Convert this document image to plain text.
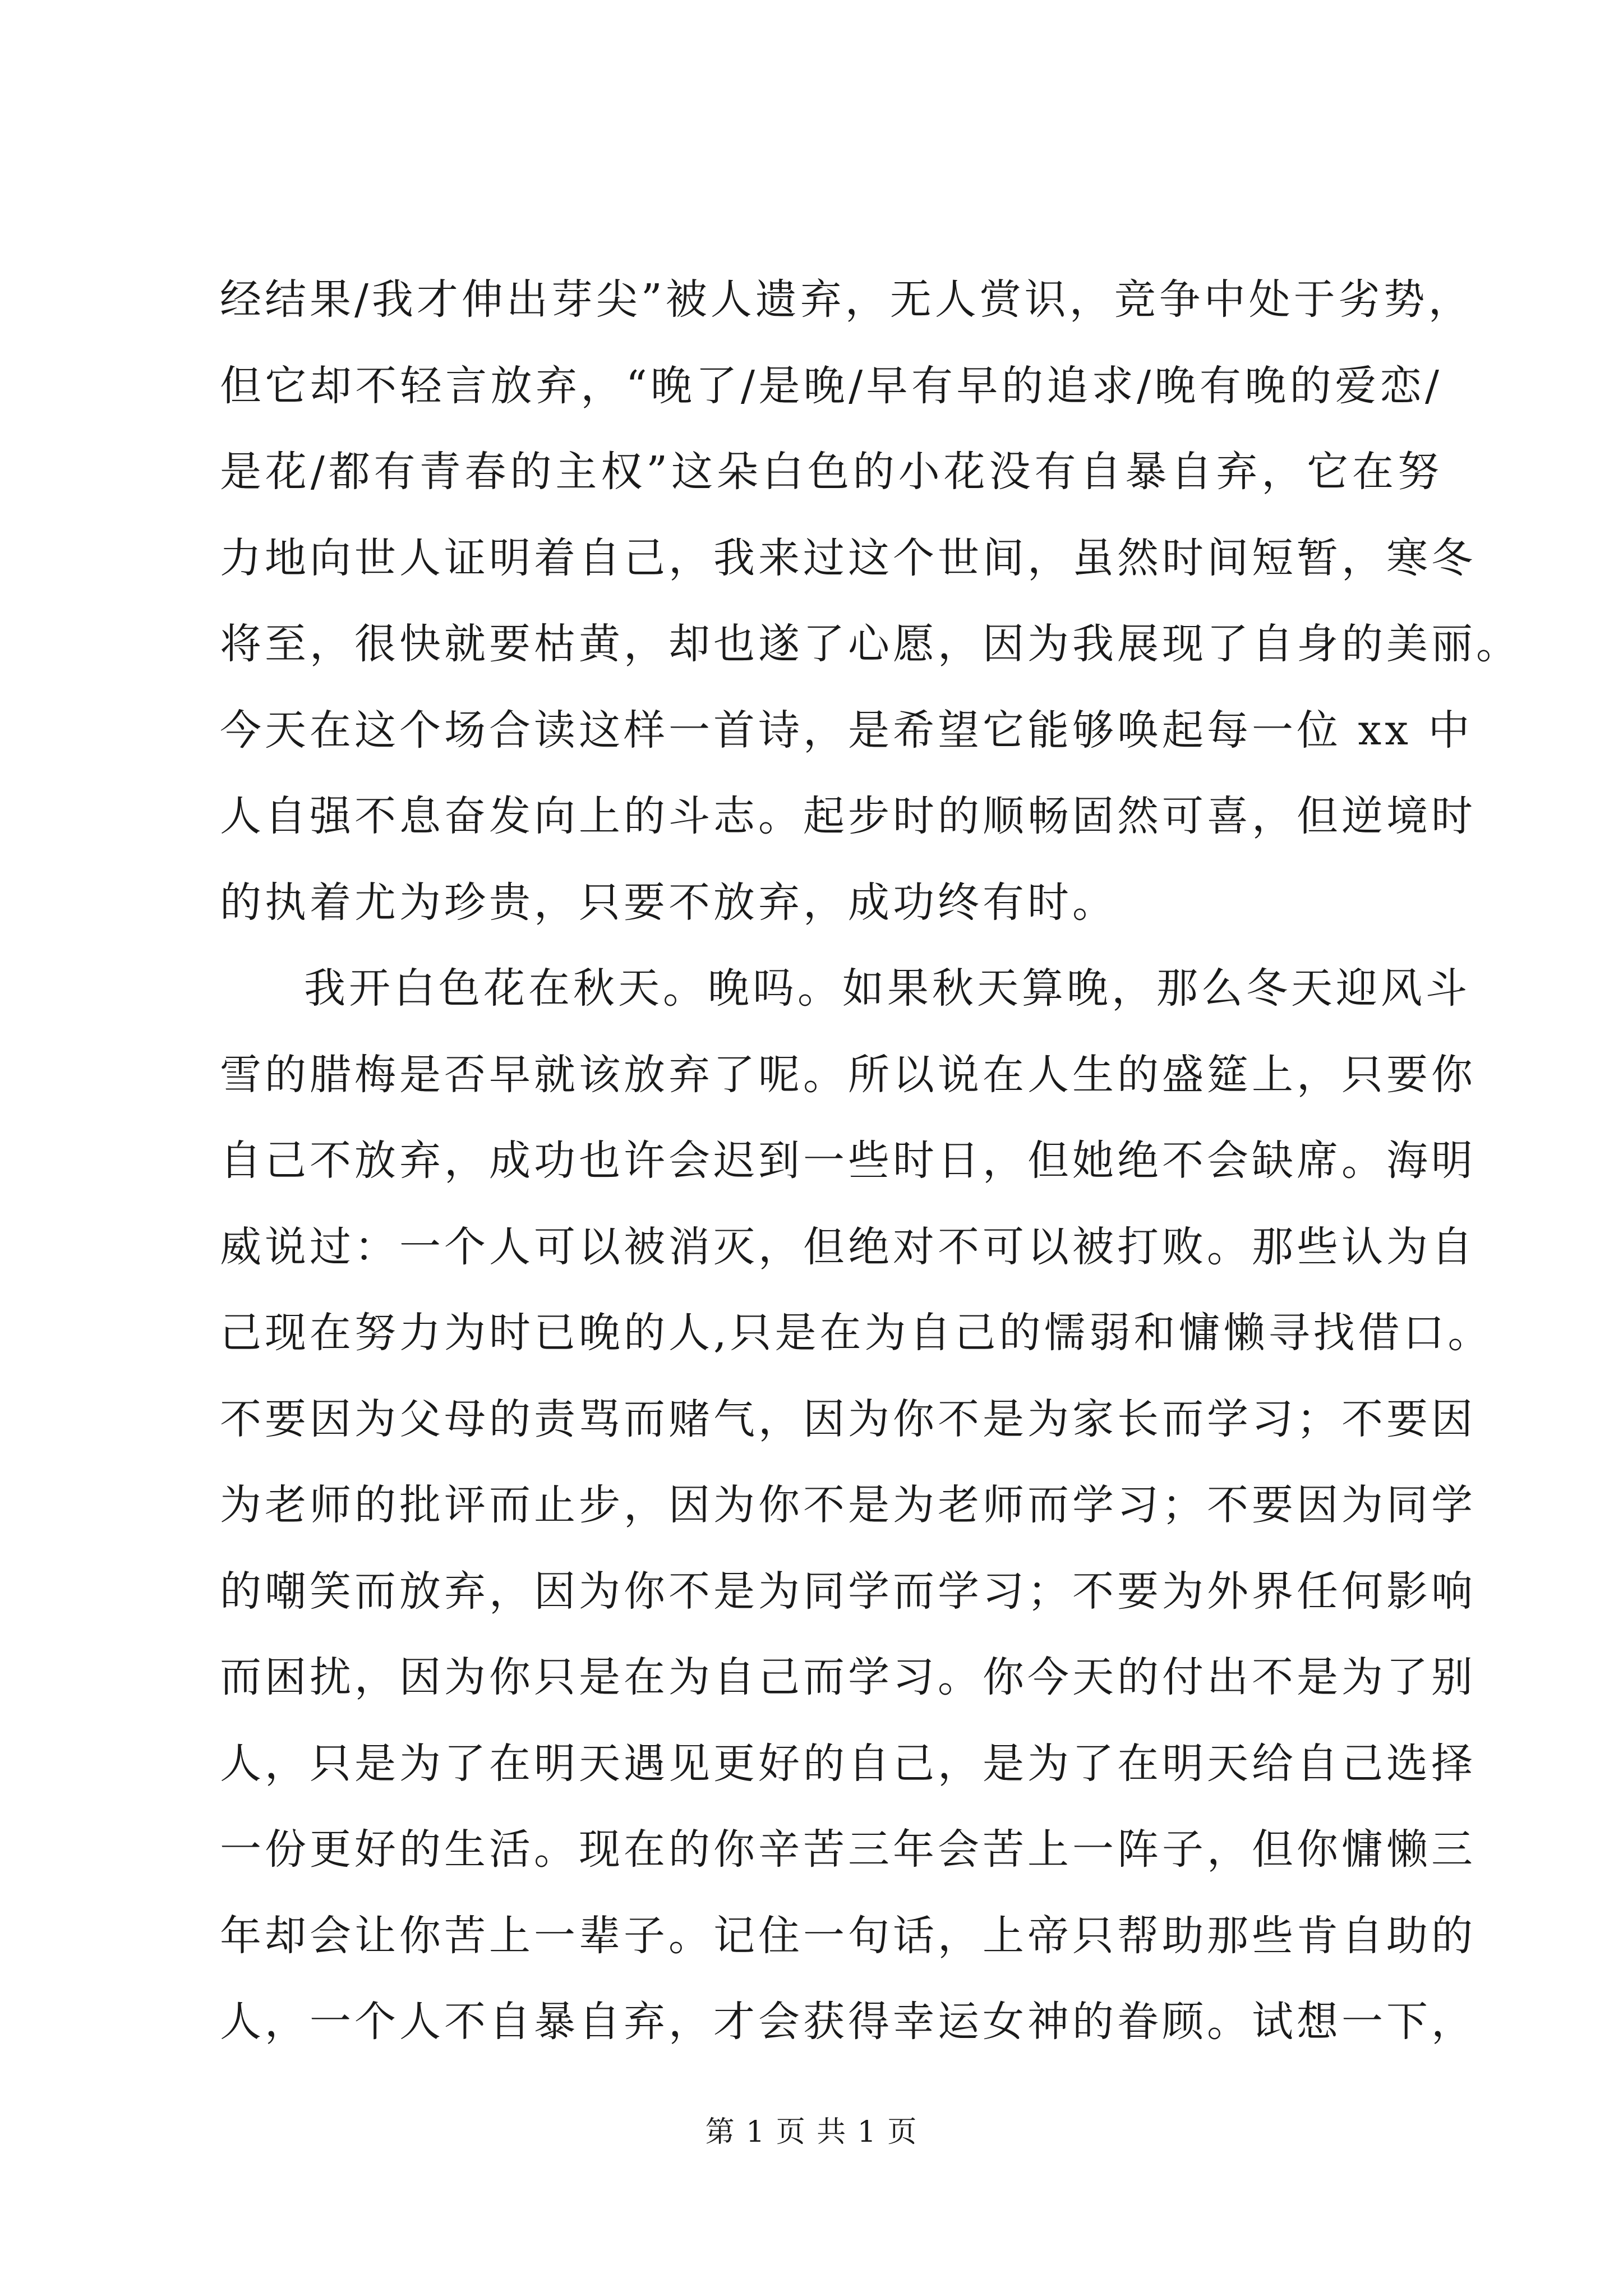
经结果/我才伸出芽尖”被人遗弃，无人赏识，竞争中处于劣势，
但它却不轻言放弃，“晚了/是晚/早有早的追求/晚有晚的爱恋/
是花/都有青春的主权”这朵白色的小花没有自暴自弃，它在努
力地向世人证明着自己，我来过这个世间，虽然时间短暂，寒冬
将至，很快就要枯黄，却也遂了心愿，因为我展现了自身的美丽。
今天在这个场合读这样一首诗，是希望它能够唤起每一位 xx 中
人自强不息奋发向上的斗志。起步时的顺畅固然可喜，但逆境时
的执着尤为珍贵，只要不放弃，成功终有时。
我开白色花在秋天。晚吗。如果秋天算晚，那么冬天迎风斗
雪的腊梅是否早就该放弃了呢。所以说在人生的盛筵上，只要你
自己不放弃，成功也许会迟到一些时日，但她绝不会缺席。海明
威说过：一个人可以被消灭，但绝对不可以被打败。那些认为自
己现在努力为时已晚的人,只是在为自己的懦弱和慵懒寻找借口。
不要因为父母的责骂而赌气，因为你不是为家长而学习；不要因
为老师的批评而止步，因为你不是为老师而学习；不要因为同学
的嘲笑而放弃，因为你不是为同学而学习；不要为外界任何影响
而困扰，因为你只是在为自己而学习。你今天的付出不是为了别
人，只是为了在明天遇见更好的自己，是为了在明天给自己选择
一份更好的生活。现在的你辛苦三年会苦上一阵子，但你慵懒三
年却会让你苦上一辈子。记住一句话，上帝只帮助那些肯自助的
人，一个人不自暴自弃，才会获得幸运女神的眷顾。试想一下，
第 1 页 共 1 页
